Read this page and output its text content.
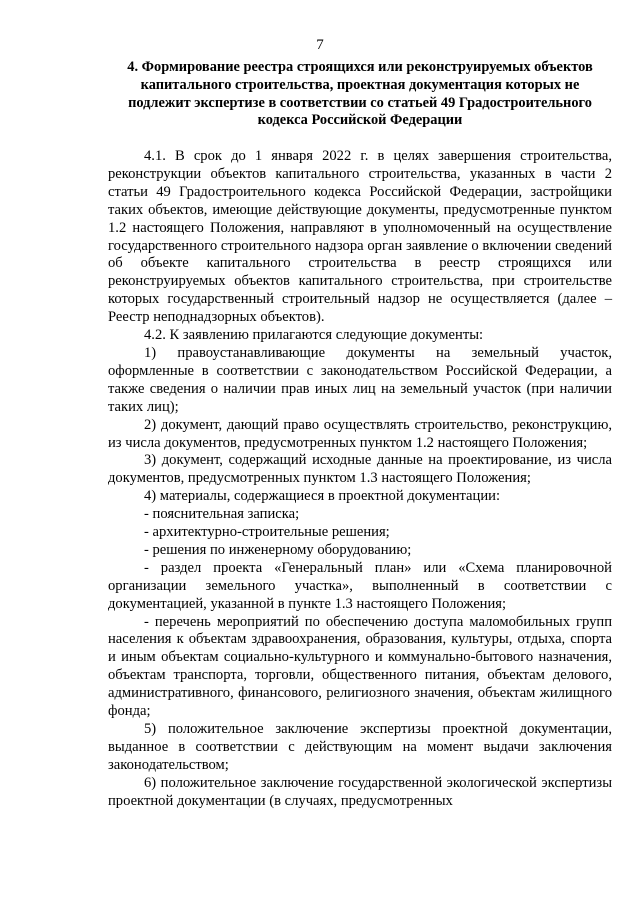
7
4. Формирование реестра строящихся или реконструируемых объектов капитального строительства, проектная документация которых не подлежит экспертизе в соответствии со статьей 49 Градостроительного кодекса Российской Федерации

4.1. В срок до 1 января 2022 г. в целях завершения строительства, реконструкции объектов капитального строительства, указанных в части 2 статьи 49 Градостроительного кодекса Российской Федерации, застройщики таких объектов, имеющие действующие документы, предусмотренные пунктом 1.2 настоящего Положения, направляют в уполномоченный на осуществление государственного строительного надзора орган заявление о включении сведений об объекте капитального строительства в реестр строящихся или реконструируемых объектов капитального строительства, при строительстве которых государственный строительный надзор не осуществляется (далее – Реестр неподнадзорных объектов).

4.2. К заявлению прилагаются следующие документы:

1) правоустанавливающие документы на земельный участок, оформленные в соответствии с законодательством Российской Федерации, а также сведения о наличии прав иных лиц на земельный участок (при наличии таких лиц);

2) документ, дающий право осуществлять строительство, реконструкцию, из числа документов, предусмотренных пунктом 1.2 настоящего Положения;

3) документ, содержащий исходные данные на проектирование, из числа документов, предусмотренных пунктом 1.3 настоящего Положения;

4) материалы, содержащиеся в проектной документации:

- пояснительная записка;

- архитектурно-строительные решения;

- решения по инженерному оборудованию;

- раздел проекта «Генеральный план» или «Схема планировочной организации земельного участка», выполненный в соответствии с документацией, указанной в пункте 1.3 настоящего Положения;

- перечень мероприятий по обеспечению доступа маломобильных групп населения к объектам здравоохранения, образования, культуры, отдыха, спорта и иным объектам социально-культурного и коммунально-бытового назначения, объектам транспорта, торговли, общественного питания, объектам делового, административного, финансового, религиозного значения, объектам жилищного фонда;

5) положительное заключение экспертизы проектной документации, выданное в соответствии с действующим на момент выдачи заключения законодательством;

6) положительное заключение государственной экологической экспертизы проектной документации (в случаях, предусмотренных
